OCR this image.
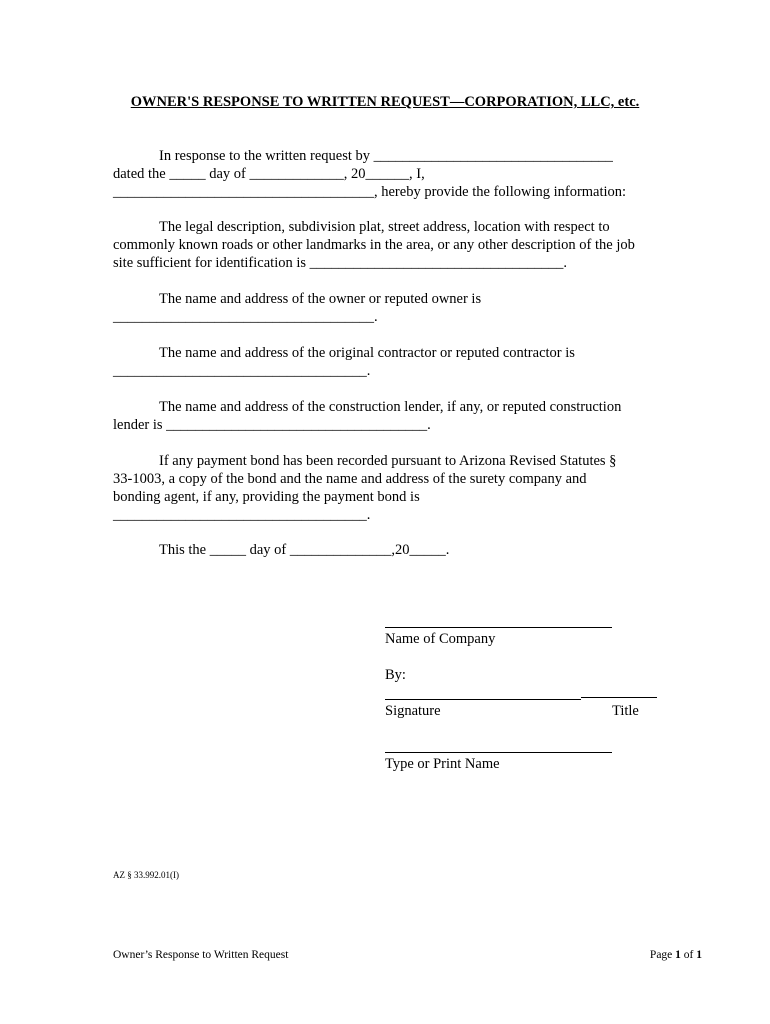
OWNER'S RESPONSE TO WRITTEN REQUEST—CORPORATION, LLC, etc.
In response to the written request by _________________________________
dated the _____ day of _____________, 20______, I,
____________________________________, hereby provide the following information:
The legal description, subdivision plat, street address, location with respect to
commonly known roads or other landmarks in the area, or any other description of the job
site sufficient for identification is ___________________________________.
The name and address of the owner or reputed owner is
____________________________________.
The name and address of the original contractor or reputed contractor is
___________________________________.
The name and address of the construction lender, if any, or reputed construction
lender is ____________________________________.
If any payment bond has been recorded pursuant to Arizona Revised Statutes §
33-1003, a copy of the bond and the name and address of the surety company and
bonding agent, if any, providing the payment bond is
___________________________________.
This the _____ day of ______________,20_____.
Name of Company
By:
Signature	Title
Type or Print Name
AZ § 33.992.01(I)
Owner’s Response to Written Request	Page 1 of 1
